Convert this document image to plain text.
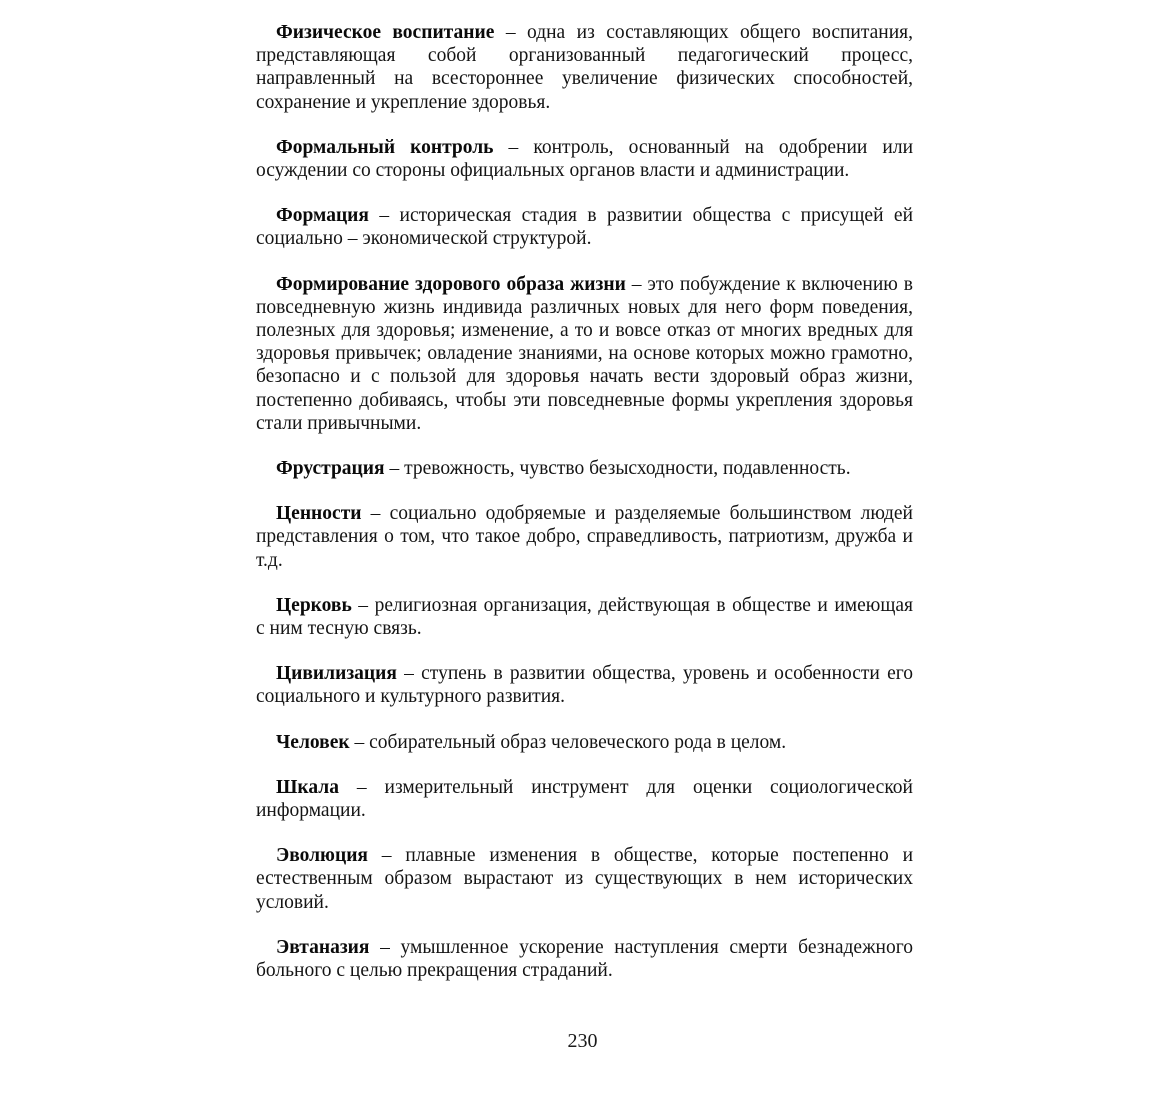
Физическое воспитание – одна из составляющих общего воспитания, представляющая собой организованный педагогический процесс, направленный на всестороннее увеличение физических способностей, сохранение и укрепление здоровья.

Формальный контроль – контроль, основанный на одобрении или осуждении со стороны официальных органов власти и администрации.

Формация – историческая стадия в развитии общества с присущей ей социально – экономической структурой.

Формирование здорового образа жизни – это побуждение к включению в повседневную жизнь индивида различных новых для него форм поведения, полезных для здоровья; изменение, а то и вовсе отказ от многих вредных для здоровья привычек; овладение знаниями, на основе которых можно грамотно, безопасно и с пользой для здоровья начать вести здоровый образ жизни, постепенно добиваясь, чтобы эти повседневные формы укрепления здоровья стали привычными.

Фрустрация – тревожность, чувство безысходности, подавленность.

Ценности – социально одобряемые и разделяемые большинством людей представления о том, что такое добро, справедливость, патриотизм, дружба и т.д.

Церковь – религиозная организация, действующая в обществе и имеющая с ним тесную связь.

Цивилизация – ступень в развитии общества, уровень и особенности его социального и культурного развития.

Человек – собирательный образ человеческого рода в целом.

Шкала – измерительный инструмент для оценки социологической информации.

Эволюция – плавные изменения в обществе, которые постепенно и естественным образом вырастают из существующих в нем исторических условий.

Эвтаназия – умышленное ускорение наступления смерти безнадежного больного с целью прекращения страданий.

230
